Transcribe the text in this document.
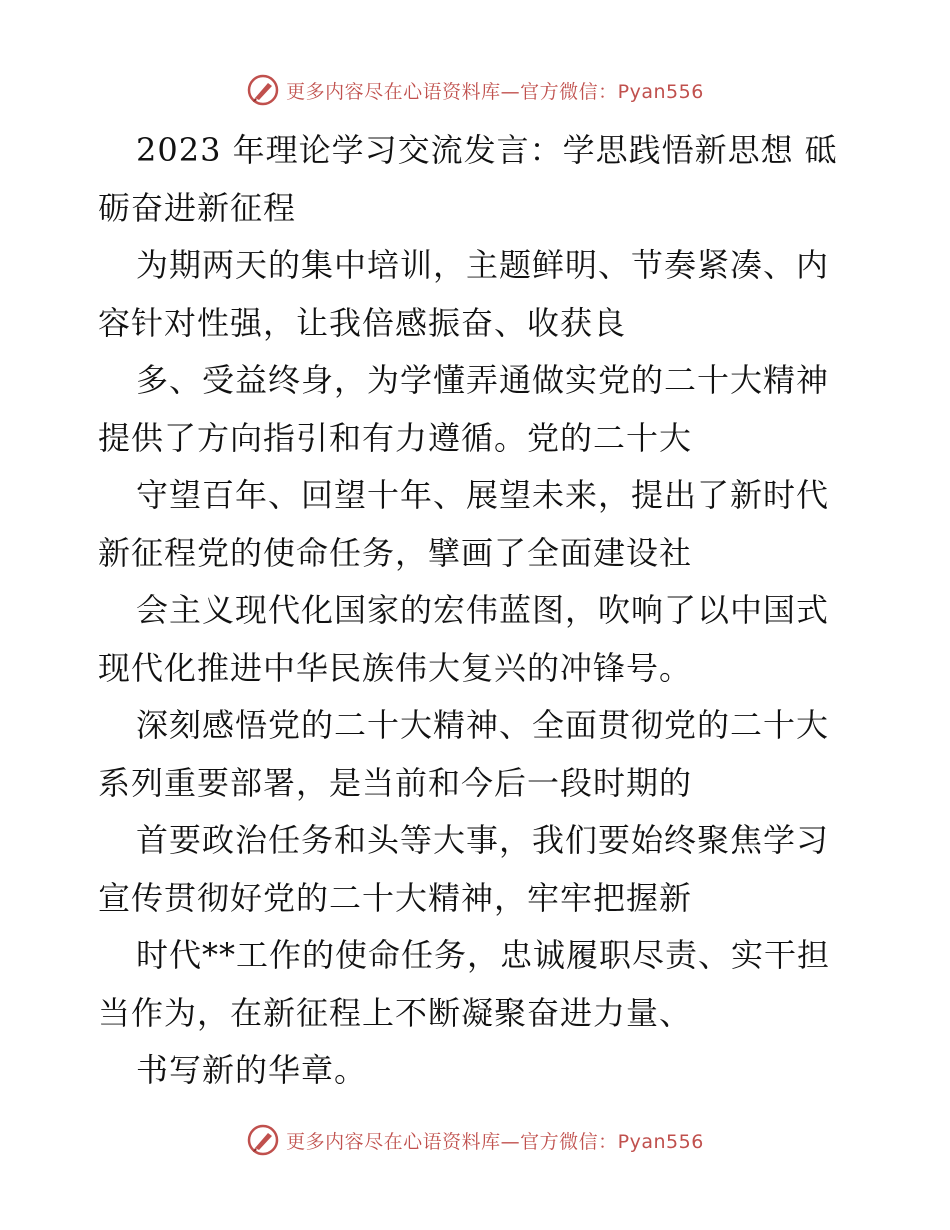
更多内容尽在心语资料库—官方微信：Pyan556
2023 年理论学习交流发言：学思践悟新思想 砥
砺奋进新征程
为期两天的集中培训，主题鲜明、节奏紧凑、内
容针对性强，让我倍感振奋、收获良
多、受益终身，为学懂弄通做实党的二十大精神
提供了方向指引和有力遵循。党的二十大
守望百年、回望十年、展望未来，提出了新时代
新征程党的使命任务，擘画了全面建设社
会主义现代化国家的宏伟蓝图，吹响了以中国式
现代化推进中华民族伟大复兴的冲锋号。
深刻感悟党的二十大精神、全面贯彻党的二十大
系列重要部署，是当前和今后一段时期的
首要政治任务和头等大事，我们要始终聚焦学习
宣传贯彻好党的二十大精神，牢牢把握新
时代**工作的使命任务，忠诚履职尽责、实干担
当作为，在新征程上不断凝聚奋进力量、
书写新的华章。
更多内容尽在心语资料库—官方微信：Pyan556
